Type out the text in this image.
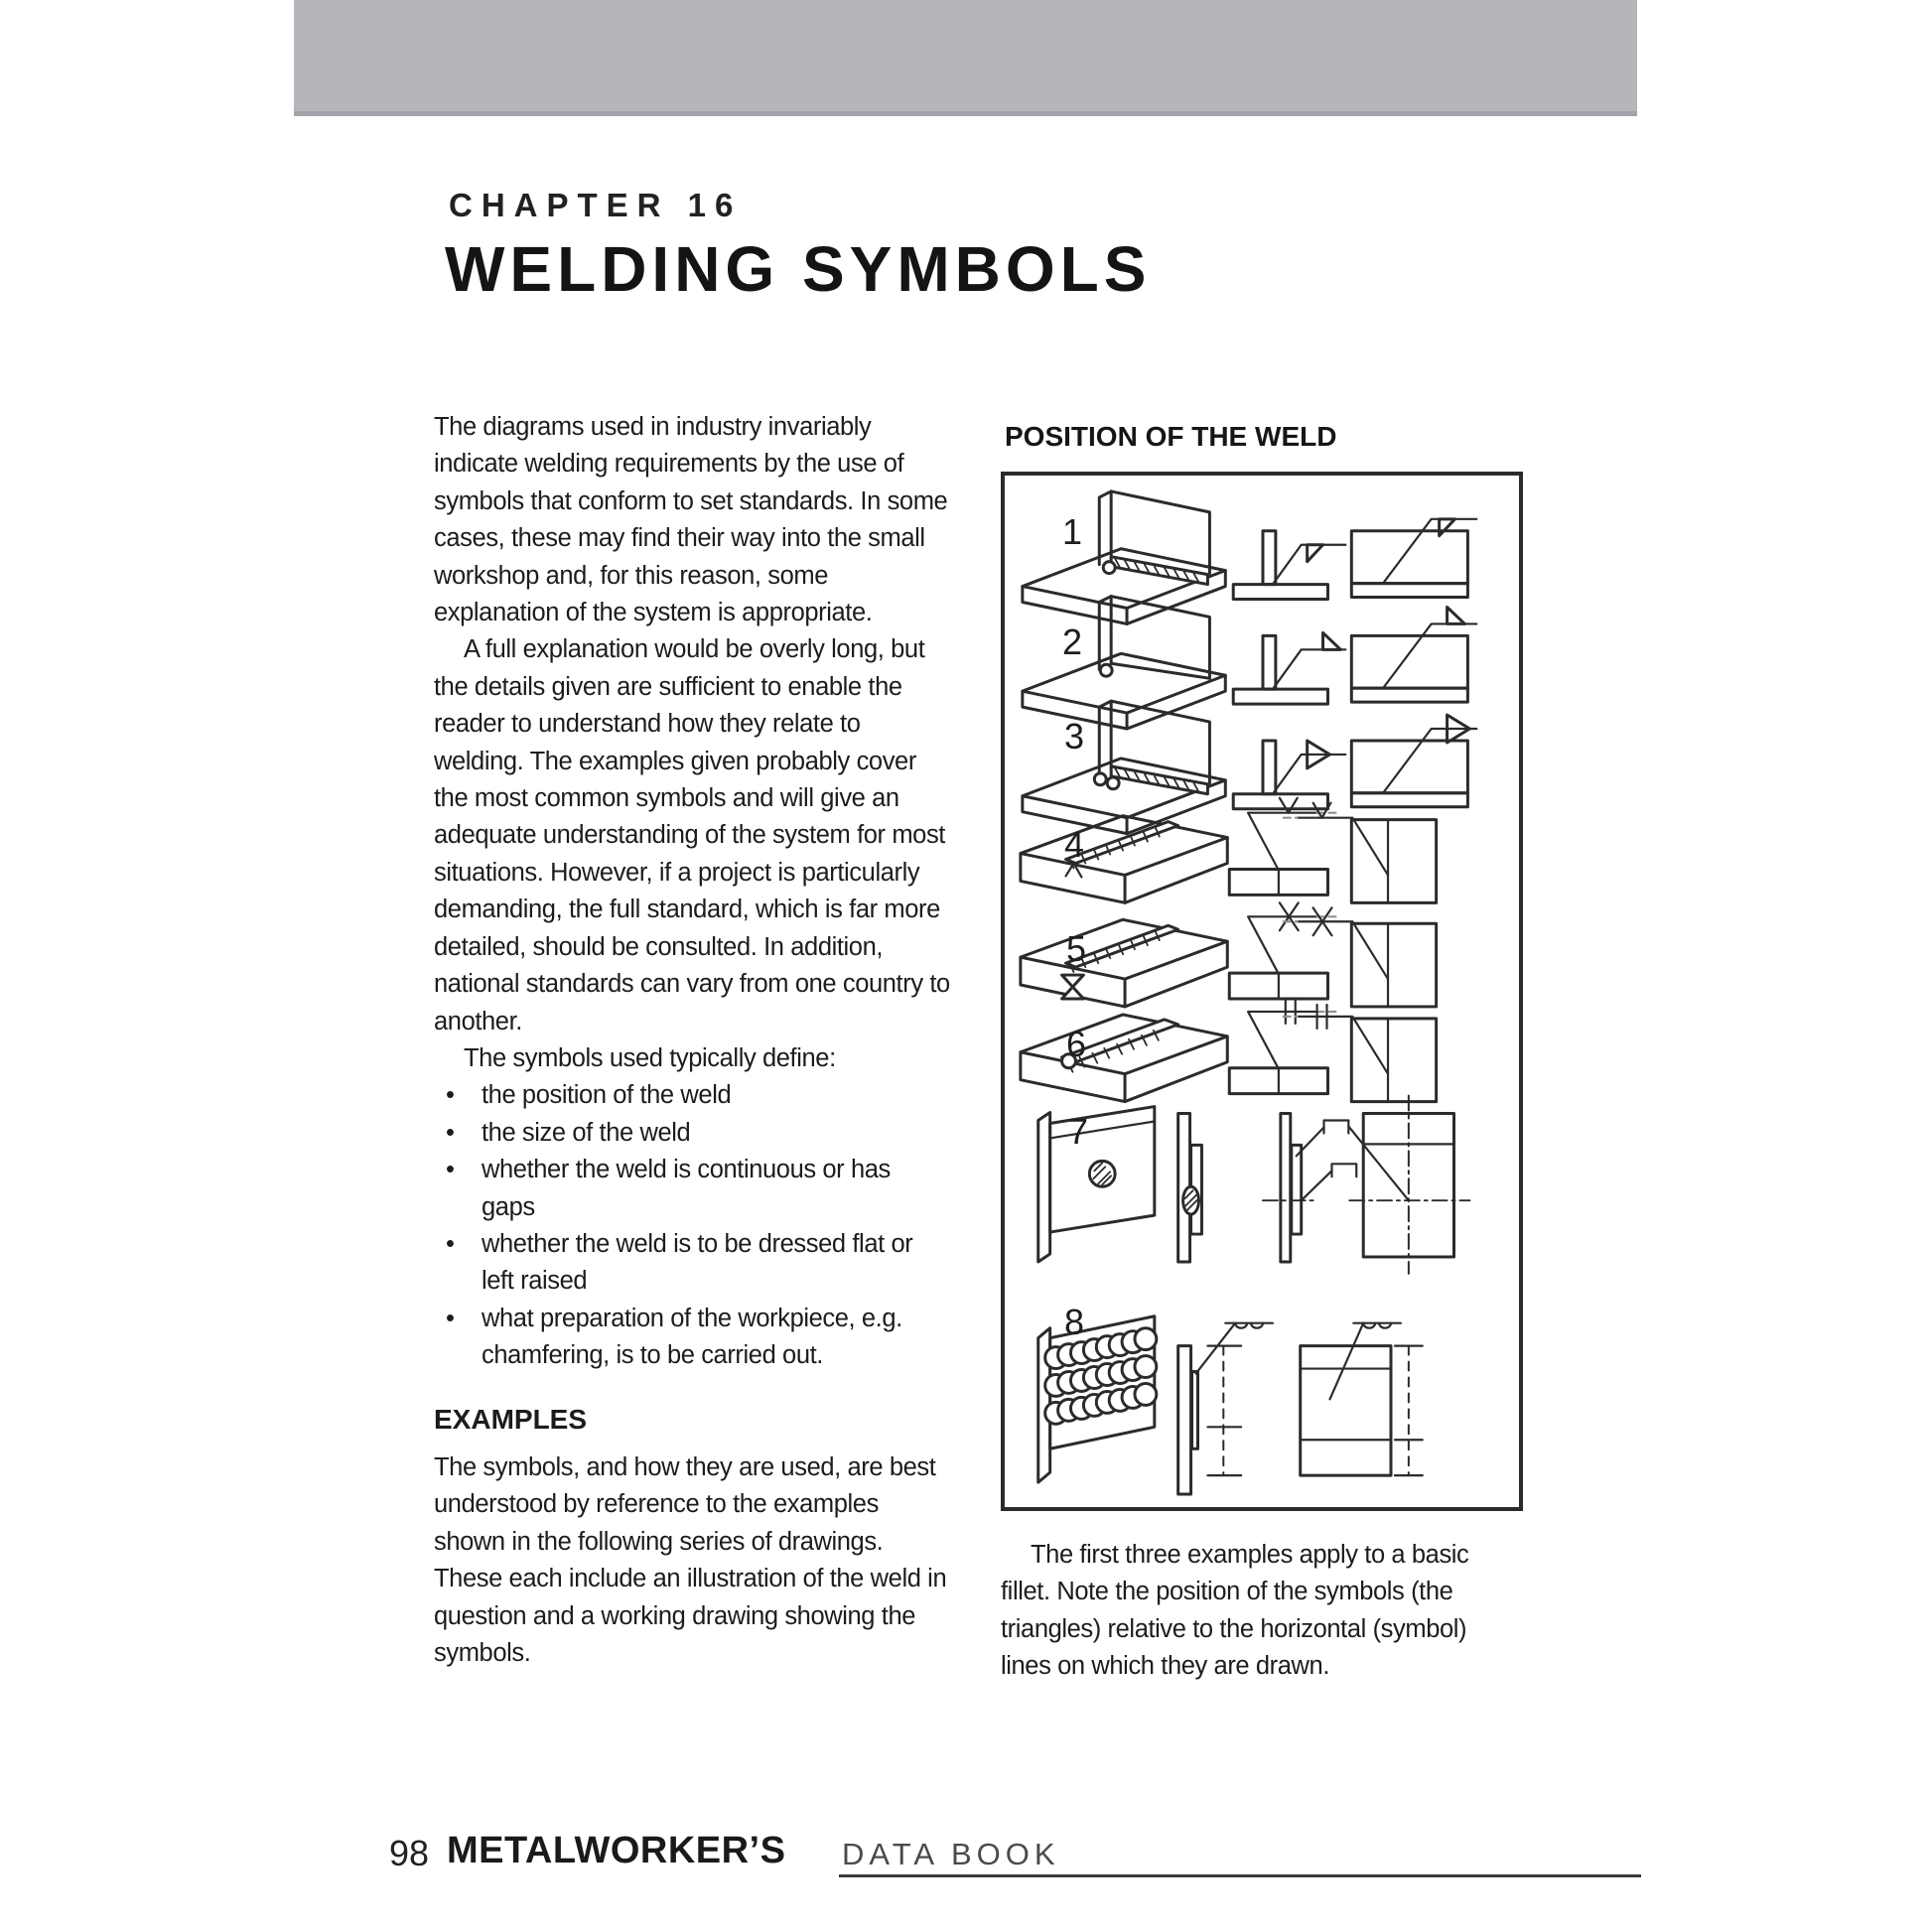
CHAPTER 16
WELDING SYMBOLS

The diagrams used in industry invariably indicate welding requirements by the use of symbols that conform to set standards. In some cases, these may find their way into the small workshop and, for this reason, some explanation of the system is appropriate.

A full explanation would be overly long, but the details given are sufficient to enable the reader to understand how they relate to welding. The examples given probably cover the most common symbols and will give an adequate understanding of the system for most situations. However, if a project is particularly demanding, the full standard, which is far more detailed, should be consulted. In addition, national standards can vary from one country to another.

The symbols used typically define:

• the position of the weld
• the size of the weld
• whether the weld is continuous or has gaps
• whether the weld is to be dressed flat or left raised
• what preparation of the workpiece, e.g. chamfering, is to be carried out.
EXAMPLES

The symbols, and how they are used, are best understood by reference to the examples shown in the following series of drawings. These each include an illustration of the weld in question and a working drawing showing the symbols.

POSITION OF THE WELD
1
2
3
4
5
6
7
8

The first three examples apply to a basic fillet. Note the position of the symbols (the triangles) relative to the horizontal (symbol) lines on which they are drawn.

98 METALWORKER’S DATA BOOK
